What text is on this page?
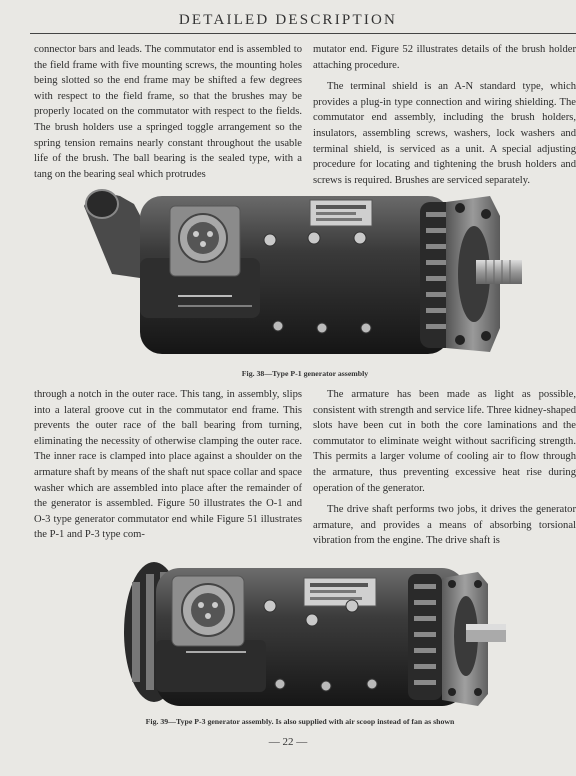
DETAILED DESCRIPTION

connector bars and leads. The commutator end is assembled to the field frame with five mounting screws, the mounting holes being slotted so the end frame may be shifted a few degrees with respect to the field frame, so that the brushes may be properly located on the commutator with respect to the fields. The brush holders use a springed toggle arrangement so the spring tension remains nearly constant throughout the usable life of the brush. The ball bearing is the sealed type, with a tang on the bearing seal which protrudes

mutator end. Figure 52 illustrates details of the brush holder attaching procedure.

The terminal shield is an A-N standard type, which provides a plug-in type connection and wiring shielding. The commutator end assembly, including the brush holders, insulators, assembling screws, washers, lock washers and terminal shield, is serviced as a unit. A special adjusting procedure for locating and tightening the brush holders and screws is required. Brushes are serviced separately.

Fig. 38—Type P-1 generator assembly

through a notch in the outer race. This tang, in assembly, slips into a lateral groove cut in the commutator end frame. This prevents the outer race of the ball bearing from turning, eliminating the necessity of otherwise clamping the outer race. The inner race is clamped into place against a shoulder on the armature shaft by means of the shaft nut space collar and space washer which are assembled into place after the remainder of the generator is assembled. Figure 50 illustrates the O-1 and O-3 type generator commutator end while Figure 51 illustrates the P-1 and P-3 type com-

The armature has been made as light as possible, consistent with strength and service life. Three kidney-shaped slots have been cut in both the core laminations and the commutator to eliminate weight without sacrificing strength. This permits a larger volume of cooling air to flow through the armature, thus preventing excessive heat rise during operation of the generator.

The drive shaft performs two jobs, it drives the generator armature, and provides a means of absorbing torsional vibration from the engine. The drive shaft is

Fig. 39—Type P-3 generator assembly. Is also supplied with air scoop instead of fan as shown
— 22 —
